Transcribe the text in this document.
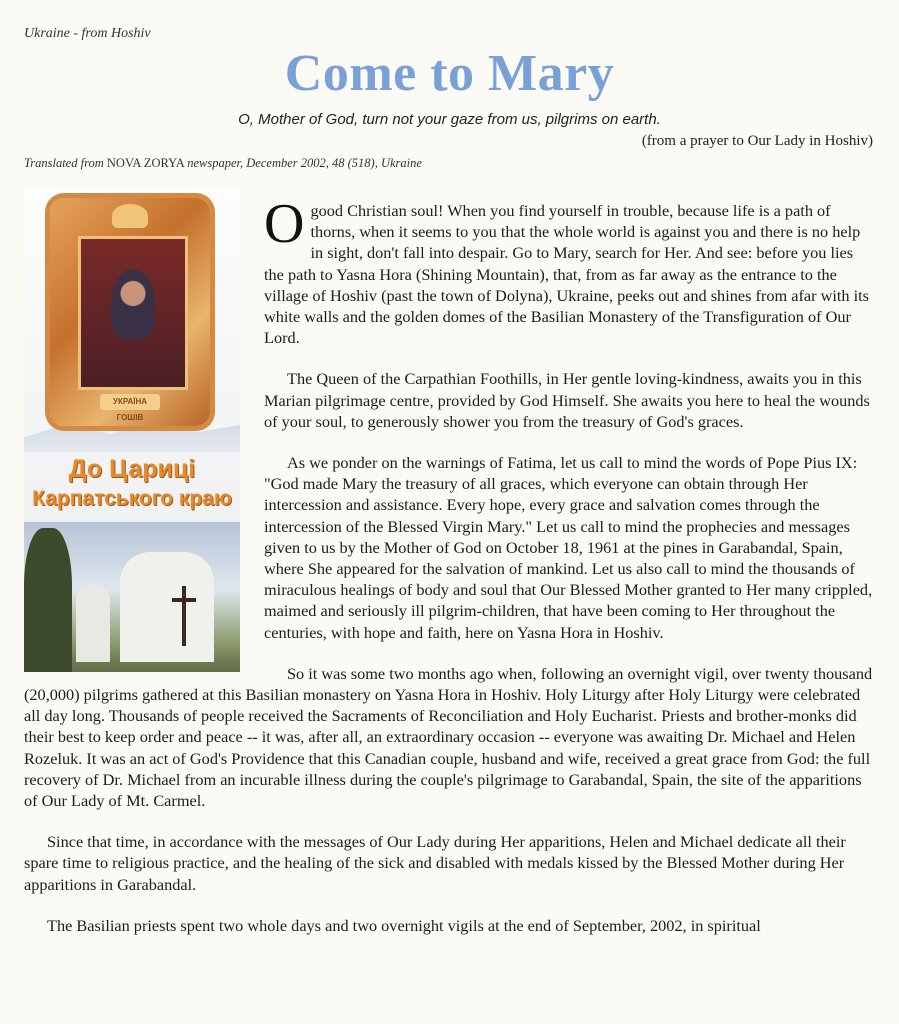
Ukraine - from Hoshiv
Come to Mary
O, Mother of God, turn not your gaze from us, pilgrims on earth.
(from a prayer to Our Lady in Hoshiv)
Translated from NOVA ZORYA newspaper, December 2002, 48 (518), Ukraine
УКРАЇНА ГОШІВ
До Цариці
Карпатського краю

Ogood Christian soul! When you find yourself in trouble, because life is a path of thorns, when it seems to you that the whole world is against you and there is no help in sight, don't fall into despair. Go to Mary, search for Her. And see: before you lies the path to Yasna Hora (Shining Mountain), that, from as far away as the entrance to the village of Hoshiv (past the town of Dolyna), Ukraine, peeks out and shines from afar with its white walls and the golden domes of the Basilian Monastery of the Transfiguration of Our Lord.

The Queen of the Carpathian Foothills, in Her gentle loving-kindness, awaits you in this Marian pilgrimage centre, provided by God Himself. She awaits you here to heal the wounds of your soul, to generously shower you from the treasury of God's graces.

As we ponder on the warnings of Fatima, let us call to mind the words of Pope Pius IX: "God made Mary the treasury of all graces, which everyone can obtain through Her intercession and assistance. Every hope, every grace and salvation comes through the intercession of the Blessed Virgin Mary." Let us call to mind the prophecies and messages given to us by the Mother of God on October 18, 1961 at the pines in Garabandal, Spain, where She appeared for the salvation of mankind. Let us also call to mind the thousands of miraculous healings of body and soul that Our Blessed Mother granted to Her many crippled, maimed and seriously ill pilgrim-children, that have been coming to Her throughout the centuries, with hope and faith, here on Yasna Hora in Hoshiv.

So it was some two months ago when, following an overnight vigil, over twenty thousand (20,000) pilgrims gathered at this Basilian monastery on Yasna Hora in Hoshiv. Holy Liturgy after Holy Liturgy were celebrated all day long. Thousands of people received the Sacraments of Reconciliation and Holy Eucharist. Priests and brother-monks did their best to keep order and peace -- it was, after all, an extraordinary occasion -- everyone was awaiting Dr. Michael and Helen Rozeluk. It was an act of God's Providence that this Canadian couple, husband and wife, received a great grace from God: the full recovery of Dr. Michael from an incurable illness during the couple's pilgrimage to Garabandal, Spain, the site of the apparitions of Our Lady of Mt. Carmel.

Since that time, in accordance with the messages of Our Lady during Her apparitions, Helen and Michael dedicate all their spare time to religious practice, and the healing of the sick and disabled with medals kissed by the Blessed Mother during Her apparitions in Garabandal.

The Basilian priests spent two whole days and two overnight vigils at the end of September, 2002, in spiritual
